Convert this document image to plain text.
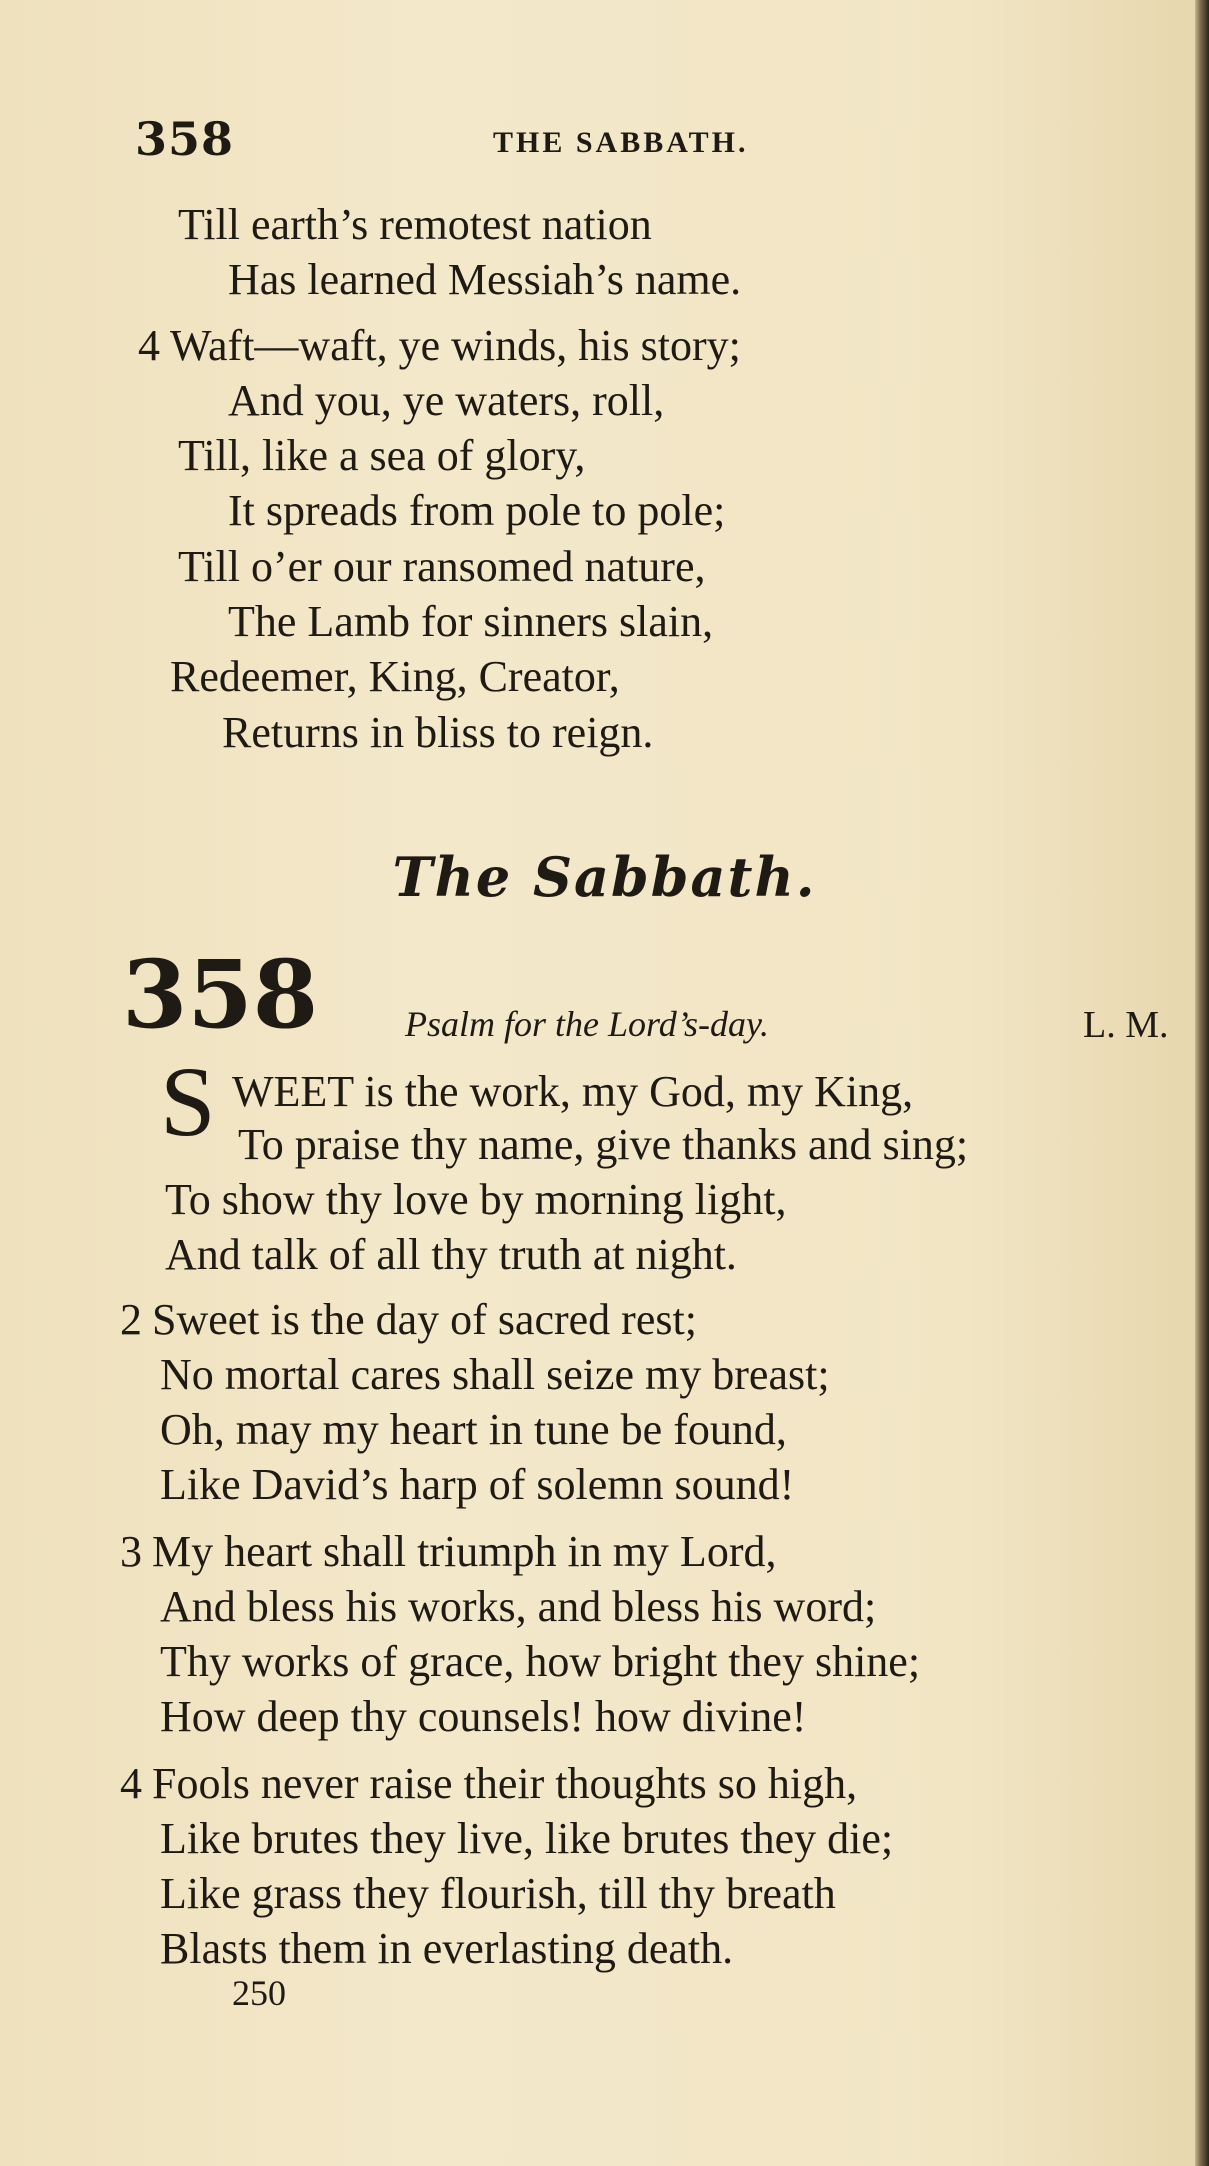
358	THE SABBATH.
Till earth’s remotest nation
Has learned Messiah’s name.
4 Waft—waft, ye winds, his story;
And you, ye waters, roll,
Till, like a sea of glory,
It spreads from pole to pole;
Till o’er our ransomed nature,
The Lamb for sinners slain,
Redeemer, King, Creator,
Returns in bliss to reign.
The Sabbath.
358 Psalm for the Lord’s-day.	L. M.
S WEET is the work, my God, my King,
To praise thy name, give thanks and sing;
To show thy love by morning light,
And talk of all thy truth at night.
2 Sweet is the day of sacred rest;
No mortal cares shall seize my breast;
Oh, may my heart in tune be found,
Like David’s harp of solemn sound!
3 My heart shall triumph in my Lord,
And bless his works, and bless his word;
Thy works of grace, how bright they shine;
How deep thy counsels! how divine!
4 Fools never raise their thoughts so high,
Like brutes they live, like brutes they die;
Like grass they flourish, till thy breath
Blasts them in everlasting death.
250
